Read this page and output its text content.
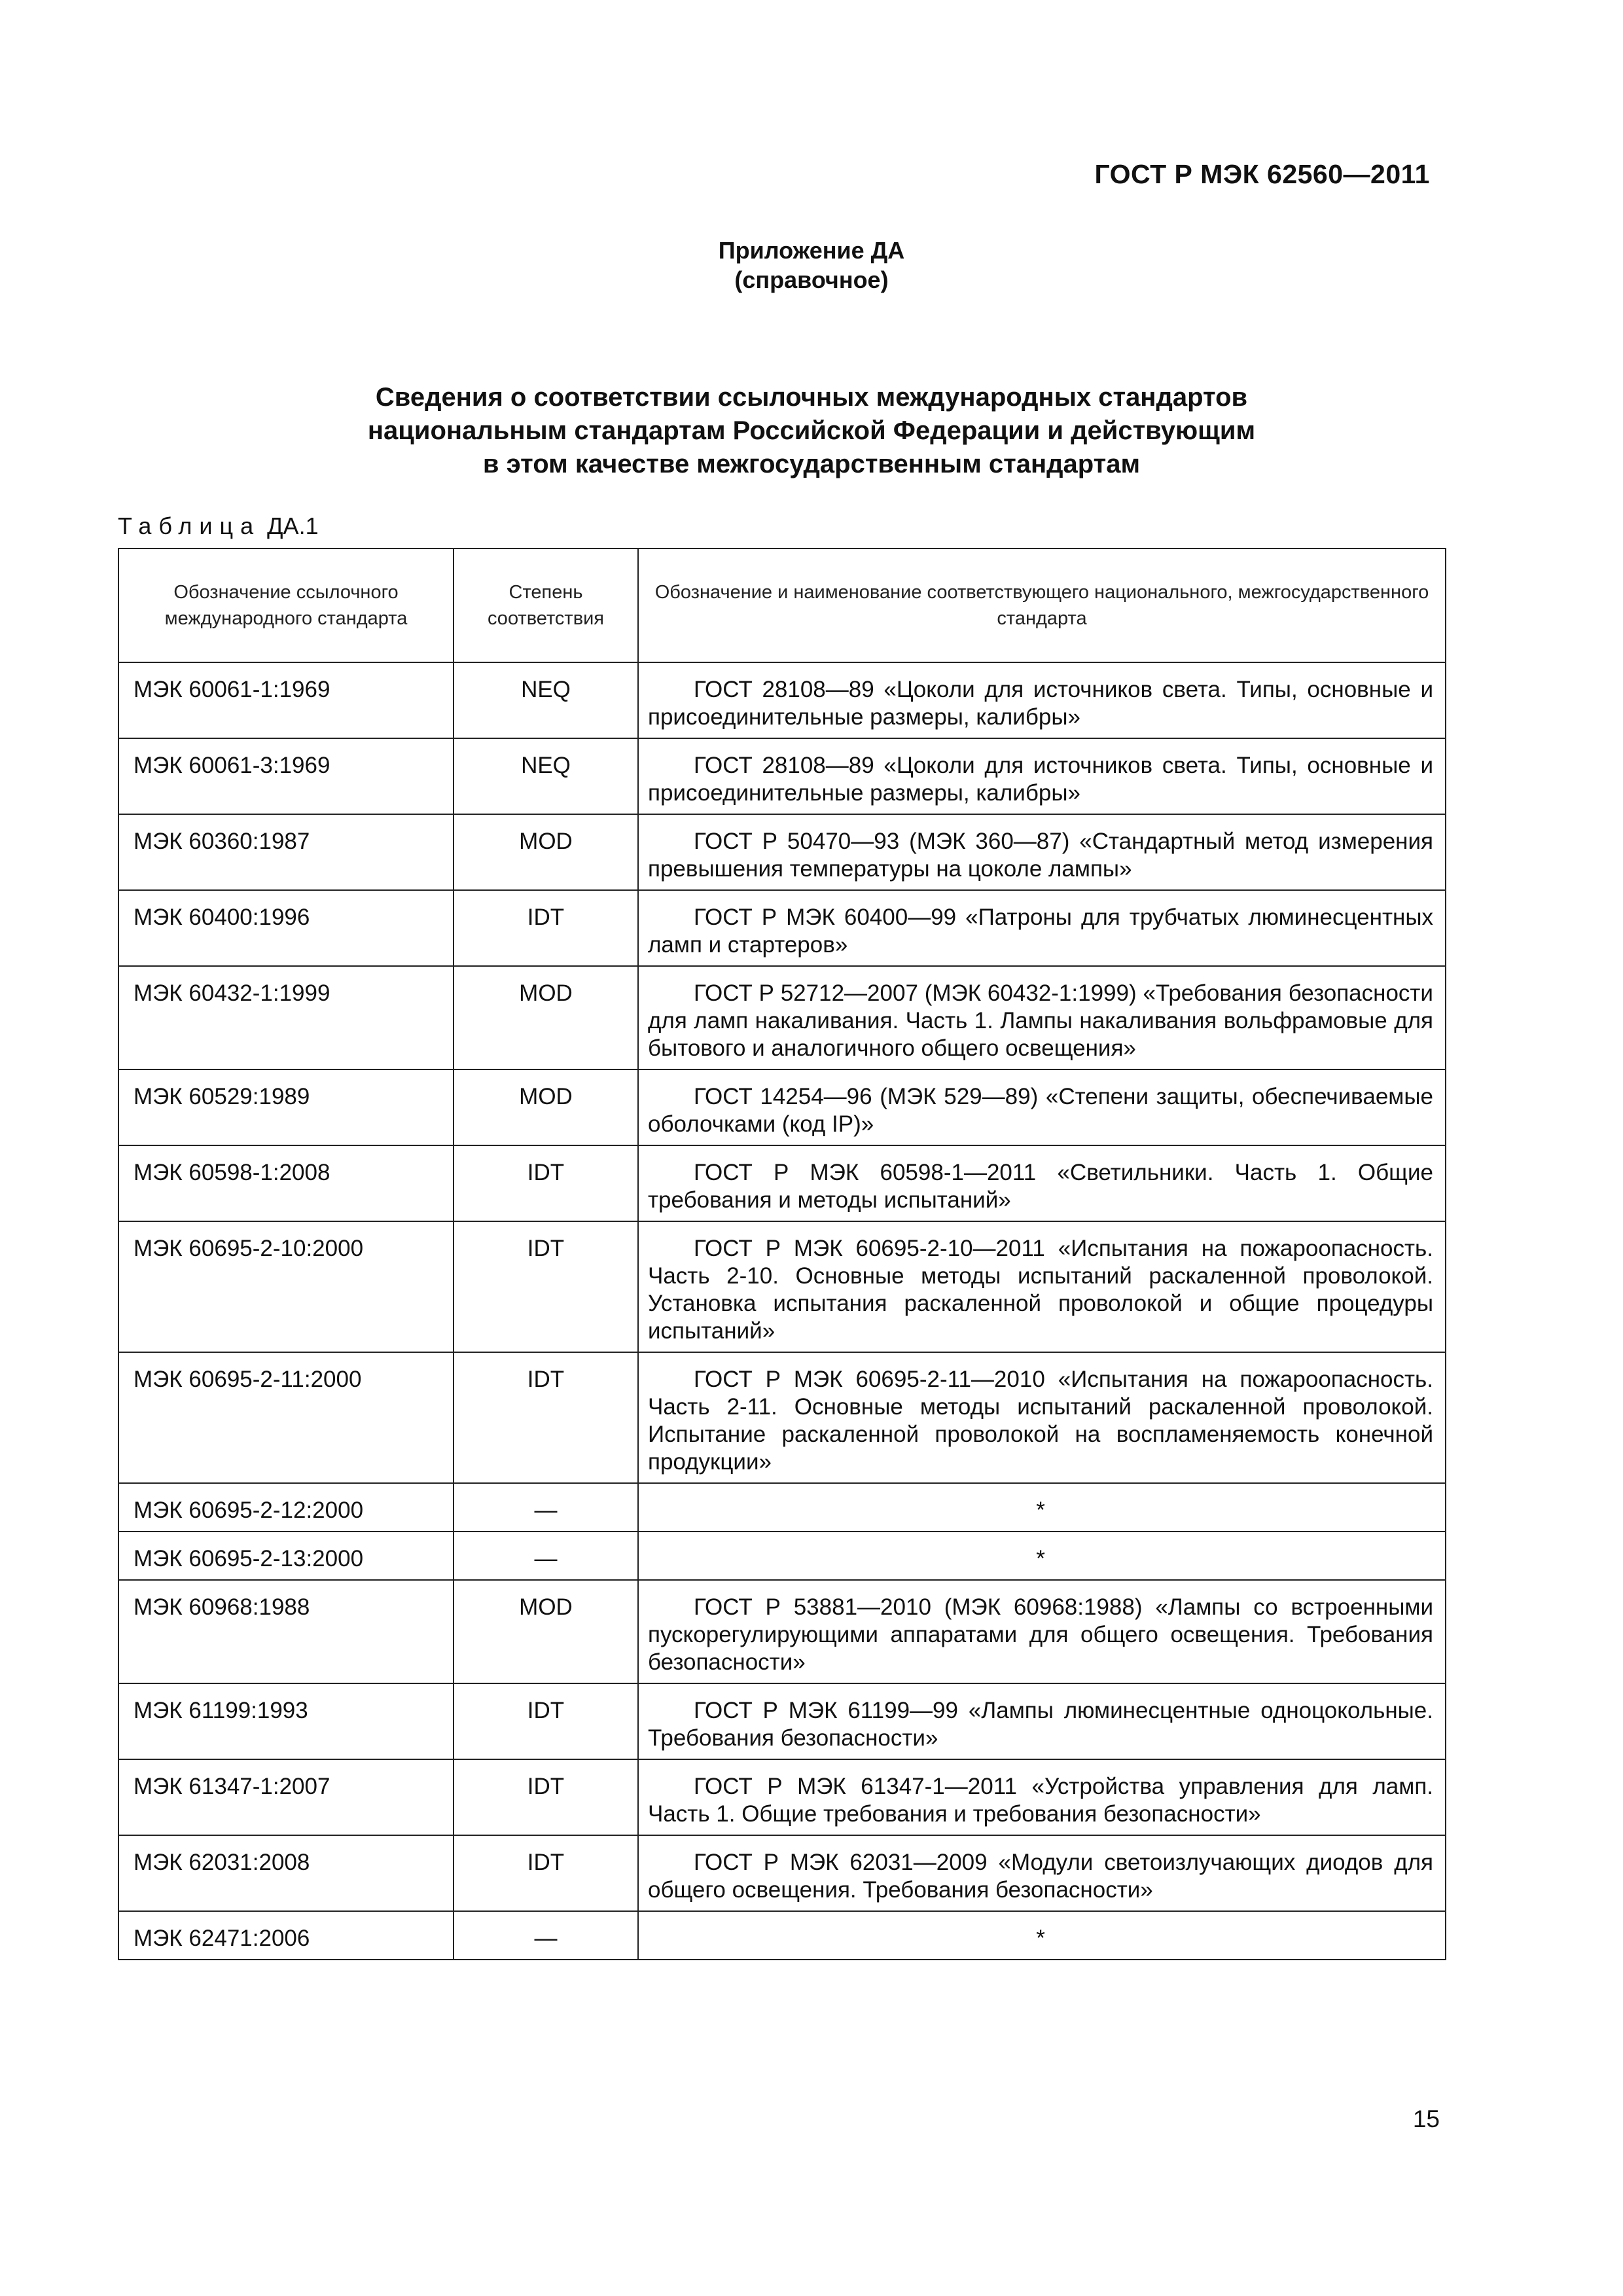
ГОСТ Р МЭК 62560—2011
Приложение ДА
(справочное)
Сведения о соответствии ссылочных международных стандартов
национальным стандартам Российской Федерации и действующим
в этом качестве межгосударственным стандартам
Таблица ДА.1
Обозначение ссылочного международного стандарта	Степень соответствия	Обозначение и наименование соответствующего национального, межгосударственного стандарта
МЭК 60061-1:1969	NEQ	ГОСТ 28108—89 «Цоколи для источников света. Типы, основные и присоединительные размеры, калибры»

МЭК 60061-3:1969	NEQ	ГОСТ 28108—89 «Цоколи для источников света. Типы, основные и присоединительные размеры, калибры»

МЭК 60360:1987	MOD	ГОСТ Р 50470—93 (МЭК 360—87) «Стандартный метод измерения превышения температуры на цоколе лампы»

МЭК 60400:1996	IDT	ГОСТ Р МЭК 60400—99 «Патроны для трубчатых люминесцентных ламп и стартеров»

МЭК 60432-1:1999	MOD	ГОСТ Р 52712—2007 (МЭК 60432-1:1999) «Требования безопасности для ламп накаливания. Часть 1. Лампы накаливания вольфрамовые для бытового и аналогичного общего освещения»

МЭК 60529:1989	MOD	ГОСТ 14254—96 (МЭК 529—89) «Степени защиты, обеспечиваемые оболочками (код IP)»

МЭК 60598-1:2008	IDT	ГОСТ Р МЭК 60598-1—2011 «Светильники. Часть 1. Общие требования и методы испытаний»

МЭК 60695-2-10:2000	IDT	ГОСТ Р МЭК 60695-2-10—2011 «Испытания на пожароопасность. Часть 2-10. Основные методы испытаний раскаленной проволокой. Установка испытания раскаленной проволокой и общие процедуры испытаний»

МЭК 60695-2-11:2000	IDT	ГОСТ Р МЭК 60695-2-11—2010 «Испытания на пожароопасность. Часть 2-11. Основные методы испытаний раскаленной проволокой. Испытание раскаленной проволокой на воспламеняемость конечной продукции»

МЭК 60695-2-12:2000	—	*
МЭК 60695-2-13:2000	—	*
МЭК 60968:1988	MOD	ГОСТ Р 53881—2010 (МЭК 60968:1988) «Лампы со встроенными пускорегулирующими аппаратами для общего освещения. Требования безопасности»

МЭК 61199:1993	IDT	ГОСТ Р МЭК 61199—99 «Лампы люминесцентные одноцокольные. Требования безопасности»

МЭК 61347-1:2007	IDT	ГОСТ Р МЭК 61347-1—2011 «Устройства управления для ламп. Часть 1. Общие требования и требования безопасности»

МЭК 62031:2008	IDT	ГОСТ Р МЭК 62031—2009 «Модули светоизлучающих диодов для общего освещения. Требования безопасности»

МЭК 62471:2006	—	*
15
